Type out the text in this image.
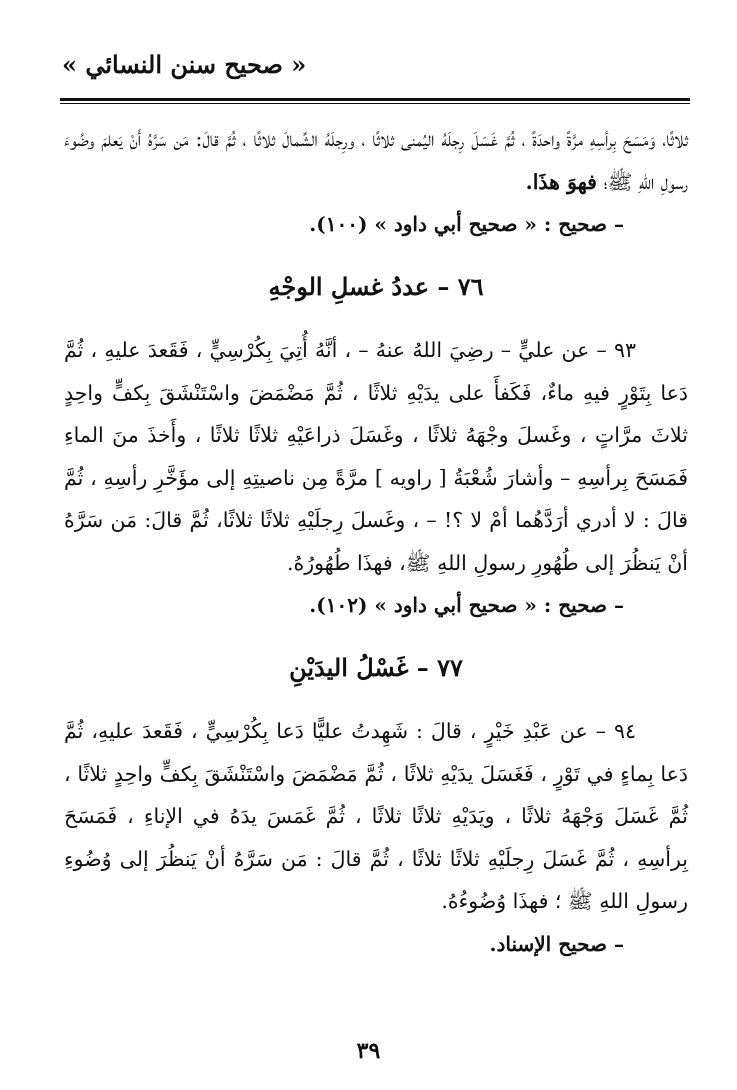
« صحيح سنن النسائي »

ثلاثًا، وَمَسَحَ بِرأسِهِ مرَّةً واحدَةً ، ثُمَّ غَسَلَ رِجلَهُ اليُمنى ثلاثًا ، ورِجلَهُ الشِّمالَ ثلاثًا ، ثُمَّ قالَ: مَن سَرَّهُ أَنْ يَعلمَ وضُوءَ رسولِ اللهِ ﷺ؛ فهوَ هذَا.

– صحيح : « صحيح أبي داود » (١٠٠).

٧٦ – عددُ غسلِ الوجْهِ

٩٣ – عن عليٍّ – رضِيَ اللهُ عنهُ – ، أنَّهُ أُتِيَ بِكُرْسِيٍّ ، فَقَعدَ عليهِ ، ثُمَّ دَعا بِتَوْرٍ فيهِ ماءٌ، فَكَفأَ على يدَيْهِ ثلاثًا ، ثُمَّ مَضْمَضَ واسْتَنْشَقَ بِكفٍّ واحِدٍ ثلاثَ مرَّاتٍ ، وغَسلَ وجْهَهُ ثلاثًا ، وغَسَلَ ذراعَيْهِ ثلاثًا ثلاثًا ، وأَخذَ منَ الماءِ فَمَسَحَ بِرأسِهِ – وأشارَ شُعْبَةُ [ راويه ] مرَّةً مِن ناصيتِهِ إلى مؤَخَّرِ رأسِهِ ، ثُمَّ قالَ : لا أدري أرَدَّهُما أمْ لا ؟! – ، وغَسلَ رِجلَيْهِ ثلاثًا ثلاثًا، ثُمَّ قالَ: مَن سَرَّهُ أنْ يَنظُرَ إلى طُهُورِ رسولِ اللهِ ﷺ، فهذَا طُهُورُهُ.

– صحيح : « صحيح أبي داود » (١٠٢).

٧٧ – غَسْلُ اليدَيْنِ

٩٤ – عن عَبْدِ خَيْرٍ ، قالَ : شَهِدتُ عليًّا دَعا بِكُرْسِيٍّ ، فَقَعدَ عليهِ، ثُمَّ دَعا بِماءٍ في تَوْرٍ ، فَغَسَلَ يدَيْهِ ثلاثًا ، ثُمَّ مَضْمَضَ واسْتَنْشَقَ بِكفٍّ واحِدٍ ثلاثًا ، ثُمَّ غَسَلَ وَجْهَهُ ثلاثًا ، ويَدَيْهِ ثلاثًا ثلاثًا ، ثُمَّ غَمَسَ يدَهُ في الإناءِ ، فَمَسَحَ بِرأسِهِ ، ثُمَّ غَسَلَ رِجلَيْهِ ثلاثًا ثلاثًا ، ثُمَّ قالَ : مَن سَرَّهُ أنْ يَنظُرَ إلى وُضُوءِ رسولِ اللهِ ﷺ ؛ فهذَا وُضُوءُهُ.

– صحيح الإسناد.

٣٩
